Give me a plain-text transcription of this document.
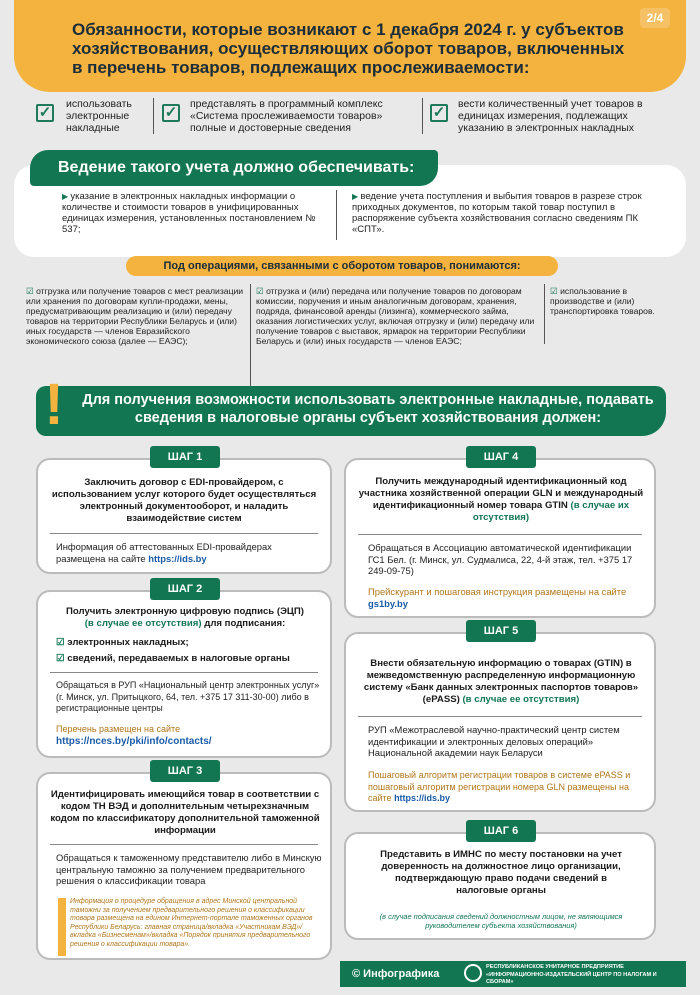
2/4
Обязанности, которые возникают с 1 декабря 2024 г. у субъектов хозяйствования, осуществляющих оборот товаров, включенных в перечень товаров, подлежащих прослеживаемости:
✓ использовать электронные накладные
✓ представлять в программный комплекс «Система прослеживаемости товаров» полные и достоверные сведения
✓ вести количественный учет товаров в единицах измерения, подлежащих указанию в электронных накладных
Ведение такого учета должно обеспечивать:
▶ указание в электронных накладных информации о количестве и стоимости товаров в унифицированных единицах измерения, установленных постановлением № 537;
▶ ведение учета поступления и выбытия товаров в разрезе строк приходных документов, по которым такой товар поступил в распоряжение субъекта хозяйствования согласно сведениям ПК «СПТ».
Под операциями, связанными с оборотом товаров, понимаются:
☑ отгрузка или получение товаров с мест реализации или хранения по договорам купли-продажи, мены, предусматривающим реализацию и (или) передачу товаров на территории Республики Беларусь и (или) иных государств — членов Евразийского экономического союза (далее — ЕАЭС);
☑ отгрузка и (или) передача или получение товаров по договорам комиссии, поручения и иным аналогичным договорам, хранения, подряда, финансовой аренды (лизинга), коммерческого займа, оказания логистических услуг, включая отгрузку и (или) передачу или получение товаров с выставок, ярмарок на территории Республики Беларусь и (или) иных государств — членов ЕАЭС;
☑ использование в производстве и (или) транспортировка товаров.
!	Для получения возможности использовать электронные накладные, подавать сведения в налоговые органы субъект хозяйствования должен:
ШАГ 1
Заключить договор с EDI-провайдером, с использованием услуг которого будет осуществляться электронный документооборот, и наладить взаимодействие систем
Информация об аттестованных EDI-провайдерах размещена на сайте https://ids.by
ШАГ 2
Получить электронную цифровую подпись (ЭЦП)
(в случае ее отсутствия) для подписания:
☑ электронных накладных;
☑ сведений, передаваемых в налоговые органы
Обращаться в РУП «Национальный центр электронных услуг» (г. Минск, ул. Притыцкого, 64, тел. +375 17 311-30-00) либо в регистрационные центры
Перечень размещен на сайте
https://nces.by/pki/info/contacts/
ШАГ 3
Идентифицировать имеющийся товар в соответствии с кодом ТН ВЭД и дополнительным четырехзначным кодом по классификатору дополнительной таможенной информации
Обращаться к таможенному представителю либо в Минскую центральную таможню за получением предварительного решения о классификации товара
Информация о процедуре обращения в адрес Минской центральной таможни за получением предварительного решения о классификации товара размещена на едином Интернет-портале таможенных органов Республики Беларусь: главная страница/вкладка «Участникам ВЭД»/вкладка «Бизнесменам»/вкладка «Порядок принятия предварительного решения о классификации товара».
ШАГ 4
Получить международный идентификационный код участника хозяйственной операции GLN и международный идентификационный номер товара GTIN (в случае их отсутствия)
Обращаться в Ассоциацию автоматической идентификации ГС1 Бел. (г. Минск, ул. Судмалиса, 22, 4-й этаж, тел. +375 17 249-09-75)
Прейскурант и пошаговая инструкция размещены на сайте gs1by.by
ШАГ 5
Внести обязательную информацию о товарах (GTIN) в межведомственную распределенную информационную систему «Банк данных электронных паспортов товаров» (ePASS) (в случае ее отсутствия)
РУП «Межотраслевой научно-практический центр систем идентификации и электронных деловых операций» Национальной академии наук Беларуси
Пошаговый алгоритм регистрации товаров в системе ePASS и пошаговый алгоритм регистрации номера GLN размещены на сайте https://ids.by
ШАГ 6
Представить в ИМНС по месту постановки на учет доверенность на должностное лицо организации, подтверждающую право подачи сведений в налоговые органы
(в случае подписания сведений должностным лицом, не являющимся руководителем субъекта хозяйствования)
© Инфографика
РЕСПУБЛИКАНСКОЕ УНИТАРНОЕ ПРЕДПРИЯТИЕ «ИНФОРМАЦИОННО-ИЗДАТЕЛЬСКИЙ ЦЕНТР ПО НАЛОГАМ И СБОРАМ»
